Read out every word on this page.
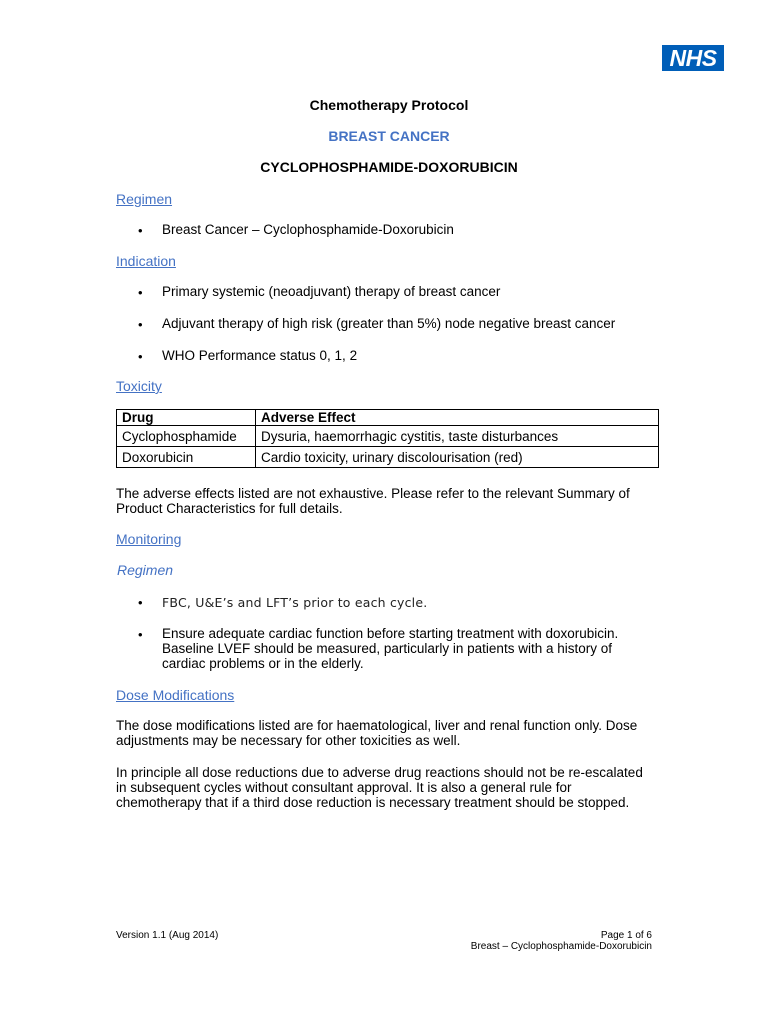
NHS
Chemotherapy Protocol
BREAST CANCER
CYCLOPHOSPHAMIDE-DOXORUBICIN
Regimen
• Breast Cancer – Cyclophosphamide-Doxorubicin
Indication
• Primary systemic (neoadjuvant) therapy of breast cancer
• Adjuvant therapy of high risk (greater than 5%) node negative breast cancer
• WHO Performance status 0, 1, 2
Toxicity
Drug	Adverse Effect
Cyclophosphamide	Dysuria, haemorrhagic cystitis, taste disturbances
Doxorubicin	Cardio toxicity, urinary discolourisation (red)
The adverse effects listed are not exhaustive. Please refer to the relevant Summary of Product Characteristics for full details.
Monitoring
Regimen
• FBC, U&E’s and LFT’s prior to each cycle.
• Ensure adequate cardiac function before starting treatment with doxorubicin. Baseline LVEF should be measured, particularly in patients with a history of cardiac problems or in the elderly.
Dose Modifications
The dose modifications listed are for haematological, liver and renal function only. Dose adjustments may be necessary for other toxicities as well.
In principle all dose reductions due to adverse drug reactions should not be re-escalated in subsequent cycles without consultant approval. It is also a general rule for chemotherapy that if a third dose reduction is necessary treatment should be stopped.
Version 1.1 (Aug 2014)	Page 1 of 6
Breast – Cyclophosphamide-Doxorubicin
